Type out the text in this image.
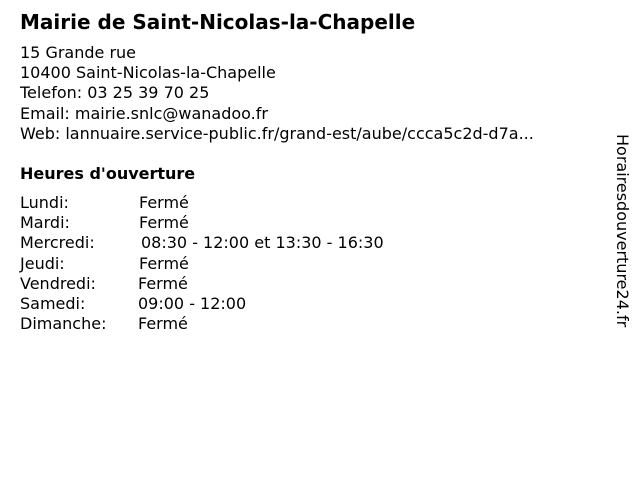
Mairie de Saint-Nicolas-la-Chapelle
15 Grande rue
10400 Saint-Nicolas-la-Chapelle
Telefon: 03 25 39 70 25
Email: mairie.snlc@wanadoo.fr
Web: lannuaire.service-public.fr/grand-est/aube/ccca5c2d-d7a...
Heures d'ouverture
Lundi:	Fermé
Mardi:	Fermé
Mercredi:	08:30 - 12:00 et 13:30 - 16:30
Jeudi:	Fermé
Vendredi:	Fermé
Samedi:	09:00 - 12:00
Dimanche: Fermé	Horairesdouverture24.fr
